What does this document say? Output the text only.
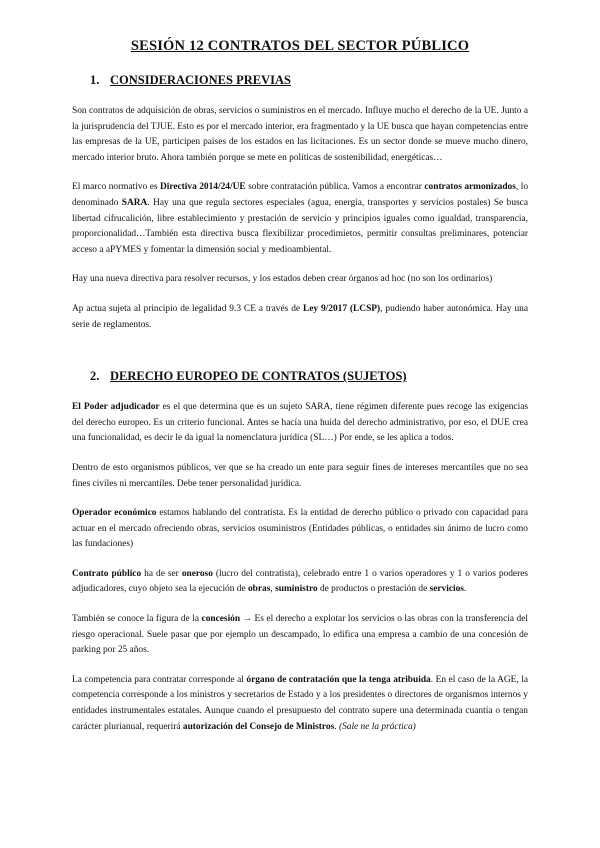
SESIÓN 12 CONTRATOS DEL SECTOR PÚBLICO
1. CONSIDERACIONES PREVIAS

Son contratos de adquisición de obras, servicios o suministros en el mercado. Influye mucho el derecho de la UE. Junto a la jurisprudencia del TJUE. Esto es por el mercado interior, era fragmentado y la UE busca que hayan competencias entre las empresas de la UE, participen países de los estados en las licitaciones. Es un sector donde se mueve mucho dinero, mercado interior bruto. Ahora también porque se mete en políticas de sostenibilidad, energéticas…

El marco normativo es Directiva 2014/24/UE sobre contratación pública. Vamos a encontrar contratos armonizados, lo denominado SARA. Hay una que regula sectores especiales (agua, energía, transportes y servicios postales) Se busca libertad cifrucalición, libre establecimiento y prestación de servicio y principios iguales como igualdad, transparencia, proporcionalidad…También esta directiva busca flexibilizar procedimietos, permitir consultas preliminares, potenciar acceso a aPYMES y fomentar la dimensión social y medioambiental.

Hay una nueva directiva para resolver recursos, y los estados deben crear órganos ad hoc (no son los ordinarios)

Ap actua sujeta al principio de legalidad 9.3 CE a través de Ley 9/2017 (LCSP), pudiendo haber autonómica. Hay una serie de reglamentos.

2. DERECHO EUROPEO DE CONTRATOS (SUJETOS)

El Poder adjudicador es el que determina que es un sujeto SARA, tiene régimen diferente pues recoge las exigencias del derecho europeo. Es un criterio funcional. Antes se hacía una huida del derecho administrativo, por eso, el DUE crea una funcionalidad, es decir le da igual la nomenclatura jurídica (SL…) Por ende, se les aplica a todos.

Dentro de esto organismos públicos, ver que se ha creado un ente para seguir fines de intereses mercantiles que no sea fines civiles ni mercantiles. Debe tener personalidad jurídica.

Operador económico estamos hablando del contratista. Es la entidad de derecho público o privado con capacidad para actuar en el mercado ofreciendo obras, servicios osuministros (Entidades públicas, o entidades sin ánimo de lucro como las fundaciones)

Contrato público ha de ser oneroso (lucro del contratista), celebrado entre 1 o varios operadores y 1 o varios poderes adjudicadores, cuyo objeto sea la ejecución de obras, suministro de productos o prestación de servicios.

También se conoce la figura de la concesión → Es el derecho a explotar los servicios o las obras con la transferencia del riesgo operacional. Suele pasar que por ejemplo un descampado, lo edifica una empresa a cambio de una concesión de parking por 25 años.

La competencia para contratar corresponde al órgano de contratación que la tenga atribuida. En el caso de la AGE, la competencia corresponde a los ministros y secretarios de Estado y a los presidentes o directores de organismos internos y entidades instrumentales estatales. Aunque cuando el presupuesto del contrato supere una determinada cuantía o tengan carácter plurianual, requerirá autorización del Consejo de Ministros. (Sale ne la práctica)
